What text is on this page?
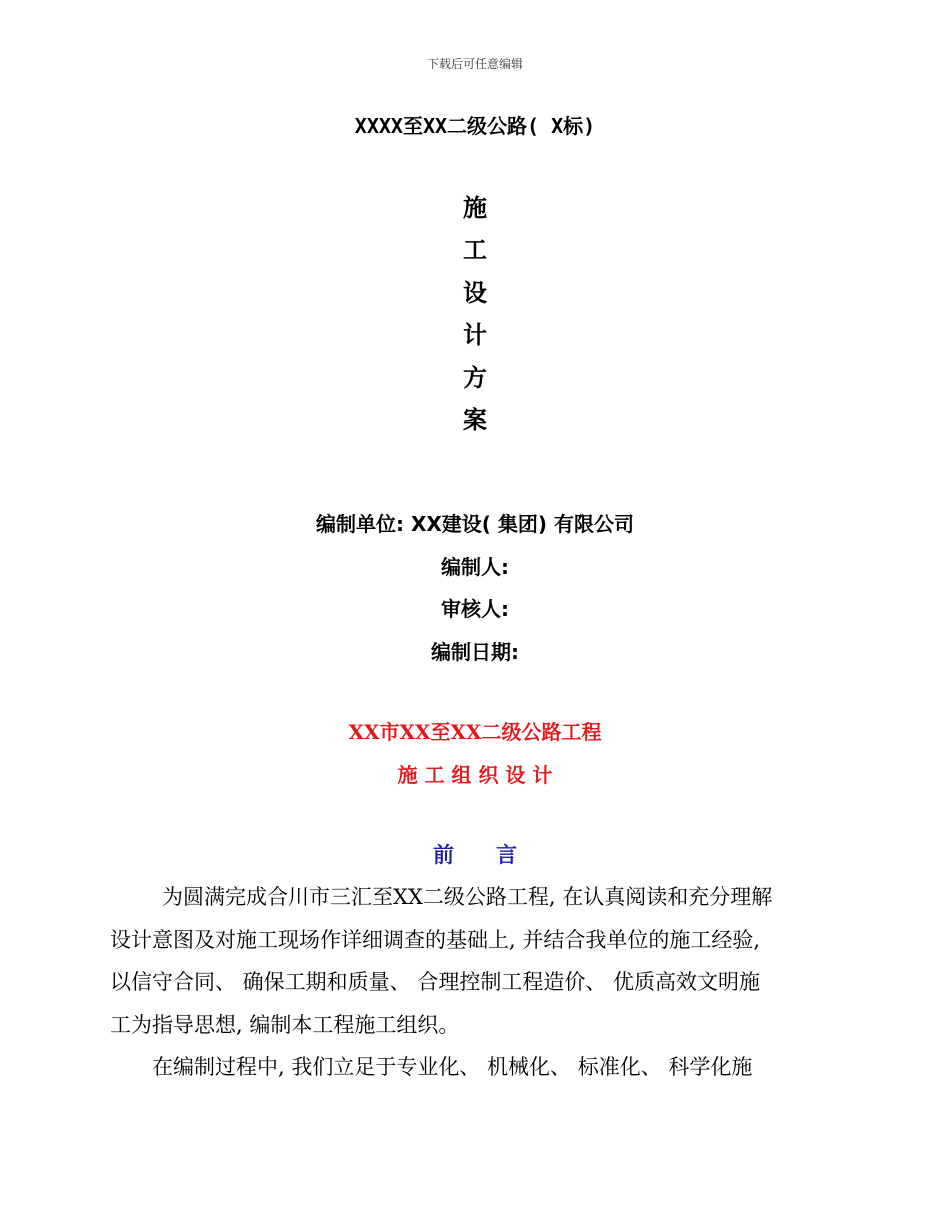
下载后可任意编辑
XXXX至XX二级公路( X标)
施
工
设
计
方
案
编制单位: XX建设( 集团) 有限公司
编制人:
审核人:
编制日期:
XX市XX至XX二级公路工程
施 工 组 织 设 计
前　　言
为圆满完成合川市三汇至XX二级公路工程, 在认真阅读和充分理解
设计意图及对施工现场作详细调查的基础上, 并结合我单位的施工经验,
以信守合同、 确保工期和质量、 合理控制工程造价、 优质高效文明施
工为指导思想, 编制本工程施工组织。
在编制过程中, 我们立足于专业化、 机械化、 标准化、 科学化施
